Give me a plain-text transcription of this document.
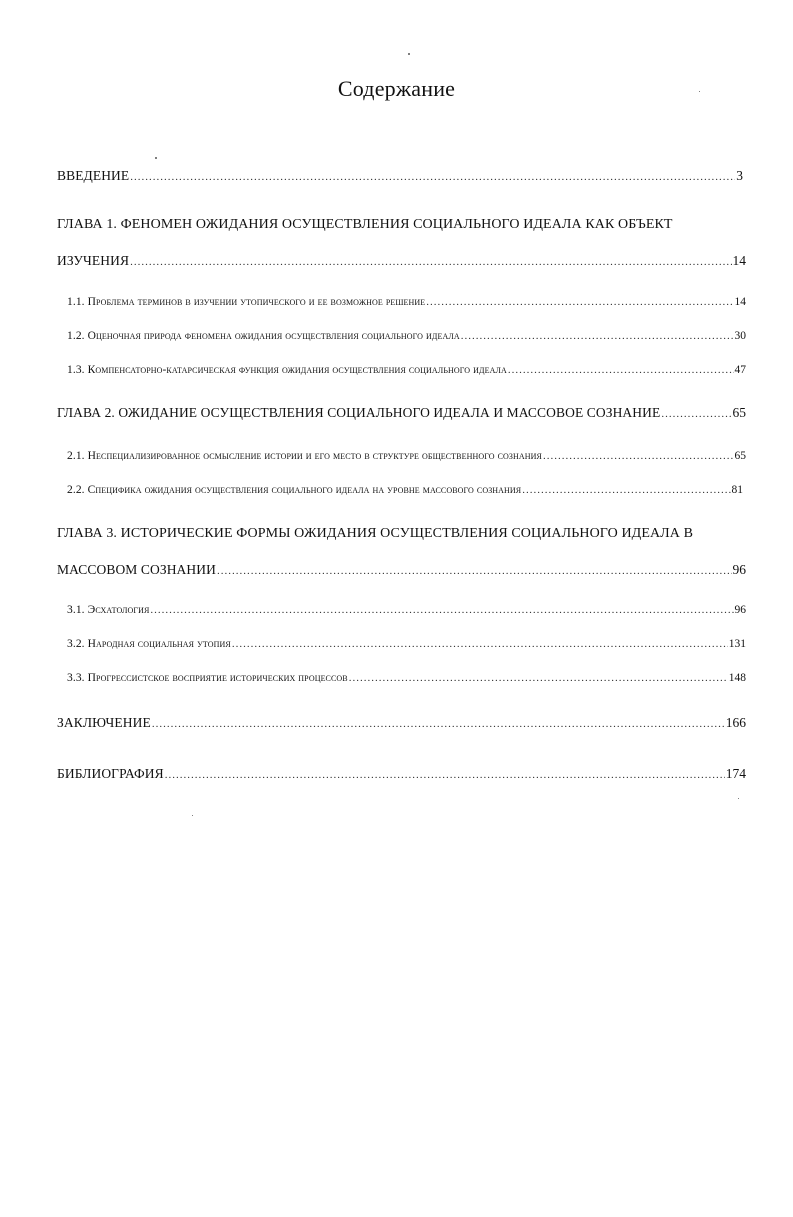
Содержание
ВВЕДЕНИЕ .....	3
ГЛАВА 1. ФЕНОМЕН ОЖИДАНИЯ ОСУЩЕСТВЛЕНИЯ СОЦИАЛЬНОГО ИДЕАЛА КАК ОБЪЕКТ
ИЗУЧЕНИЯ .....	14
1.1. Проблема терминов в изучении утопического и ее возможное решение .....	14
1.2. Оценочная природа феномена ожидания осуществления социального идеала .....	30
1.3. Компенсаторно-катарсическая функция ожидания осуществления социального идеала .....	47
ГЛАВА 2. ОЖИДАНИЕ ОСУЩЕСТВЛЕНИЯ СОЦИАЛЬНОГО ИДЕАЛА И МАССОВОЕ СОЗНАНИЕ .....	65
2.1. Неспециализированное осмысление истории и его место в структуре общественного сознания .....	65
2.2. Специфика ожидания осуществления социального идеала на уровне массового сознания .....	81
ГЛАВА 3. ИСТОРИЧЕСКИЕ ФОРМЫ ОЖИДАНИЯ ОСУЩЕСТВЛЕНИЯ СОЦИАЛЬНОГО ИДЕАЛА В
МАССОВОМ СОЗНАНИИ .....	96
3.1. Эсхатология .....	96
3.2. Народная социальная утопия .....	131
3.3. Прогрессистское восприятие исторических процессов .....	148
ЗАКЛЮЧЕНИЕ .....	166
БИБЛИОГРАФИЯ .....	174
